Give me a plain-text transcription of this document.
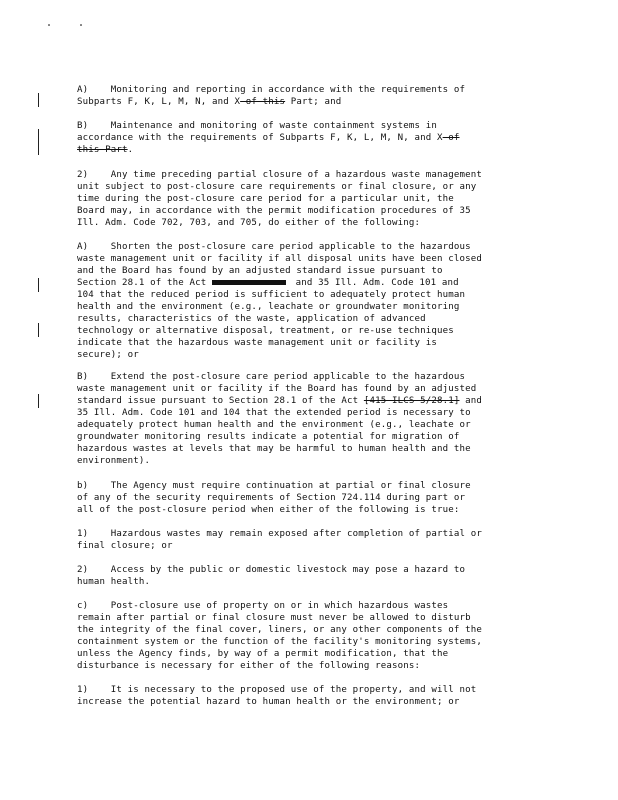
A)    Monitoring and reporting in accordance with the requirements of
Subparts F, K, L, M, N, and X of this Part; and
B)    Maintenance and monitoring of waste containment systems in
accordance with the requirements of Subparts F, K, L, M, N, and X of
this Part.
2)    Any time preceding partial closure of a hazardous waste management
unit subject to post-closure care requirements or final closure, or any
time during the post-closure care period for a particular unit, the
Board may, in accordance with the permit modification procedures of 35
Ill. Adm. Code 702, 703, and 705, do either of the following:
A)    Shorten the post-closure care period applicable to the hazardous
waste management unit or facility if all disposal units have been closed
and the Board has found by an adjusted standard issue pursuant to
Section 28.1 of the Act	and 35 Ill. Adm. Code 101 and
104 that the reduced period is sufficient to adequately protect human
health and the environment (e.g., leachate or groundwater monitoring
results, characteristics of the waste, application of advanced
technology or alternative disposal, treatment, or re-use techniques
indicate that the hazardous waste management unit or facility is
secure); or
B)    Extend the post-closure care period applicable to the hazardous
waste management unit or facility if the Board has found by an adjusted
standard issue pursuant to Section 28.1 of the Act [415 ILCS 5/28.1] and
35 Ill. Adm. Code 101 and 104 that the extended period is necessary to
adequately protect human health and the environment (e.g., leachate or
groundwater monitoring results indicate a potential for migration of
hazardous wastes at levels that may be harmful to human health and the
environment).
b)    The Agency must require continuation at partial or final closure
of any of the security requirements of Section 724.114 during part or
all of the post-closure period when either of the following is true:
1)    Hazardous wastes may remain exposed after completion of partial or
final closure; or
2)    Access by the public or domestic livestock may pose a hazard to
human health.
c)    Post-closure use of property on or in which hazardous wastes
remain after partial or final closure must never be allowed to disturb
the integrity of the final cover, liners, or any other components of the
containment system or the function of the facility's monitoring systems,
unless the Agency finds, by way of a permit modification, that the
disturbance is necessary for either of the following reasons:
1)    It is necessary to the proposed use of the property, and will not
increase the potential hazard to human health or the environment; or
